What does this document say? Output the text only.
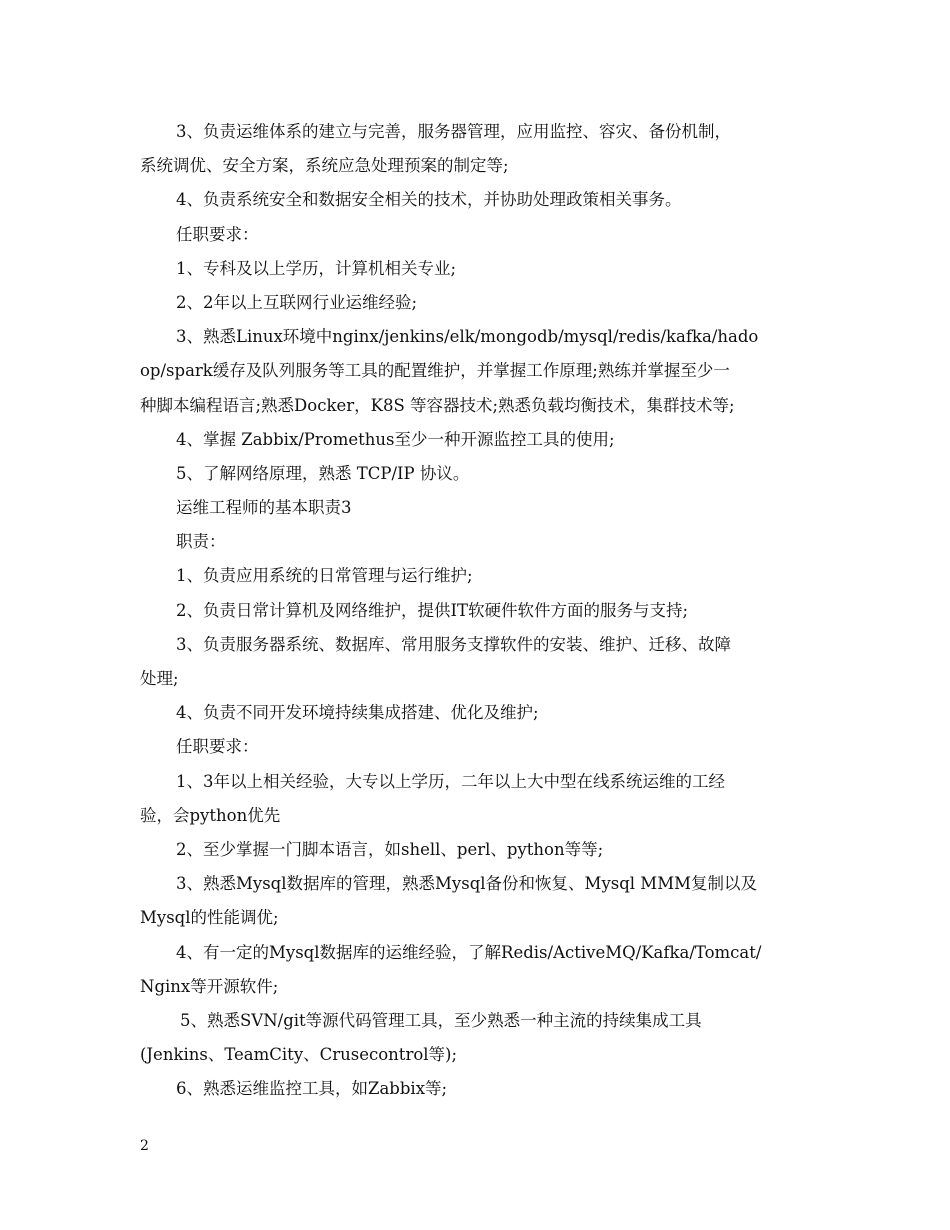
3、负责运维体系的建立与完善，服务器管理，应用监控、容灾、备份机制，
系统调优、安全方案，系统应急处理预案的制定等;
4、负责系统安全和数据安全相关的技术，并协助处理政策相关事务。
任职要求：
1、专科及以上学历，计算机相关专业;
2、2年以上互联网行业运维经验;
3、熟悉Linux环境中nginx/jenkins/elk/mongodb/mysql/redis/kafka/hado
op/spark缓存及队列服务等工具的配置维护，并掌握工作原理;熟练并掌握至少一
种脚本编程语言;熟悉Docker，K8S 等容器技术;熟悉负载均衡技术，集群技术等;
4、掌握 Zabbix/Promethus至少一种开源监控工具的使用;
5、了解网络原理，熟悉 TCP/IP 协议。
运维工程师的基本职责3
职责：
1、负责应用系统的日常管理与运行维护;
2、负责日常计算机及网络维护，提供IT软硬件软件方面的服务与支持;
3、负责服务器系统、数据库、常用服务支撑软件的安装、维护、迁移、故障
处理;
4、负责不同开发环境持续集成搭建、优化及维护;
任职要求：
1、3年以上相关经验，大专以上学历，二年以上大中型在线系统运维的工经
验，会python优先
2、至少掌握一门脚本语言，如shell、perl、python等等;
3、熟悉Mysql数据库的管理，熟悉Mysql备份和恢复、Mysql MMM复制以及
Mysql的性能调优;
4、有一定的Mysql数据库的运维经验，了解Redis/ActiveMQ/Kafka/Tomcat/
Nginx等开源软件;
5、熟悉SVN/git等源代码管理工具，至少熟悉一种主流的持续集成工具
(Jenkins、TeamCity、Crusecontrol等);
6、熟悉运维监控工具，如Zabbix等;
2
